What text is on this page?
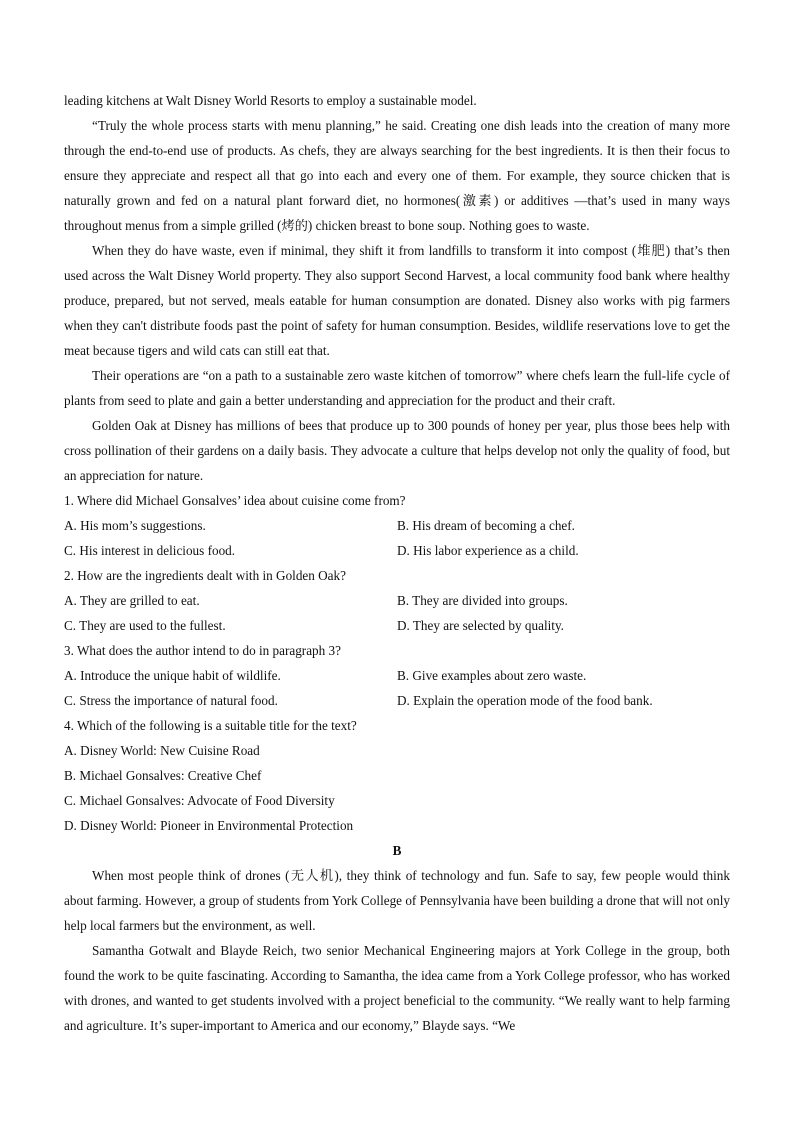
leading kitchens at Walt Disney World Resorts to employ a sustainable model.
“Truly the whole process starts with menu planning,” he said. Creating one dish leads into the creation of many more through the end-to-end use of products. As chefs, they are always searching for the best ingredients. It is then their focus to ensure they appreciate and respect all that go into each and every one of them. For example, they source chicken that is naturally grown and fed on a natural plant forward diet, no hormones(激素) or additives —that’s used in many ways throughout menus from a simple grilled (烤的) chicken breast to bone soup. Nothing goes to waste.
When they do have waste, even if minimal, they shift it from landfills to transform it into compost (堆肥) that’s then used across the Walt Disney World property. They also support Second Harvest, a local community food bank where healthy produce, prepared, but not served, meals eatable for human consumption are donated. Disney also works with pig farmers when they can't distribute foods past the point of safety for human consumption. Besides, wildlife reservations love to get the meat because tigers and wild cats can still eat that.
Their operations are “on a path to a sustainable zero waste kitchen of tomorrow” where chefs learn the full-life cycle of plants from seed to plate and gain a better understanding and appreciation for the product and their craft.
Golden Oak at Disney has millions of bees that produce up to 300 pounds of honey per year, plus those bees help with cross pollination of their gardens on a daily basis. They advocate a culture that helps develop not only the quality of food, but an appreciation for nature.
1. Where did Michael Gonsalves’ idea about cuisine come from?
A. His mom’s suggestions.	B. His dream of becoming a chef.
C. His interest in delicious food.	D. His labor experience as a child.
2. How are the ingredients dealt with in Golden Oak?
A. They are grilled to eat.	B. They are divided into groups.
C. They are used to the fullest.	D. They are selected by quality.
3. What does the author intend to do in paragraph 3?
A. Introduce the unique habit of wildlife.	B. Give examples about zero waste.
C. Stress the importance of natural food.	D. Explain the operation mode of the food bank.
4. Which of the following is a suitable title for the text?
A. Disney World: New Cuisine Road
B. Michael Gonsalves: Creative Chef
C. Michael Gonsalves: Advocate of Food Diversity
D. Disney World: Pioneer in Environmental Protection
B
When most people think of drones (无人机), they think of technology and fun. Safe to say, few people would think about farming. However, a group of students from York College of Pennsylvania have been building a drone that will not only help local farmers but the environment, as well.
Samantha Gotwalt and Blayde Reich, two senior Mechanical Engineering majors at York College in the group, both found the work to be quite fascinating. According to Samantha, the idea came from a York College professor, who has worked with drones, and wanted to get students involved with a project beneficial to the community. “We really want to help farming and agriculture. It’s super-important to America and our economy,” Blayde says. “We
